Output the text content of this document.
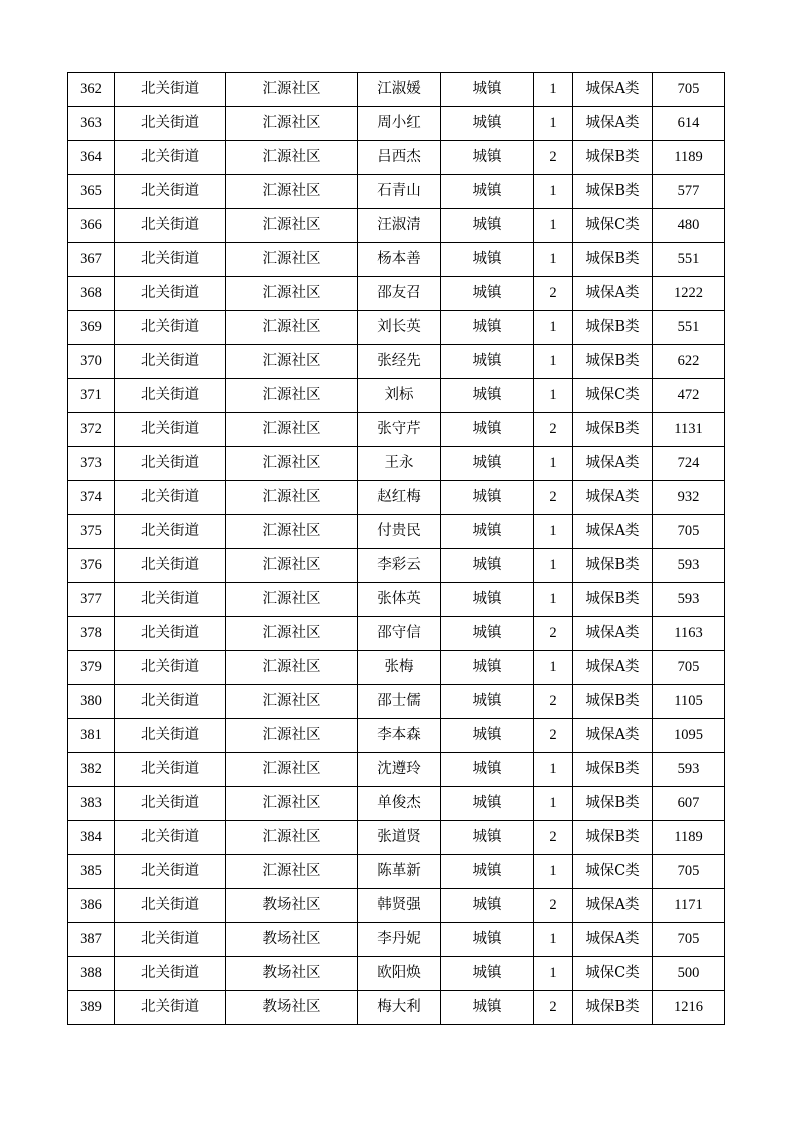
362	北关街道	汇源社区	江淑媛	城镇	1	城保A类	705
363	北关街道	汇源社区	周小红	城镇	1	城保A类	614
364	北关街道	汇源社区	吕西杰	城镇	2	城保B类	1189
365	北关街道	汇源社区	石青山	城镇	1	城保B类	577
366	北关街道	汇源社区	汪淑清	城镇	1	城保C类	480
367	北关街道	汇源社区	杨本善	城镇	1	城保B类	551
368	北关街道	汇源社区	邵友召	城镇	2	城保A类	1222
369	北关街道	汇源社区	刘长英	城镇	1	城保B类	551
370	北关街道	汇源社区	张经先	城镇	1	城保B类	622
371	北关街道	汇源社区	刘标	城镇	1	城保C类	472
372	北关街道	汇源社区	张守芹	城镇	2	城保B类	1131
373	北关街道	汇源社区	王永	城镇	1	城保A类	724
374	北关街道	汇源社区	赵红梅	城镇	2	城保A类	932
375	北关街道	汇源社区	付贵民	城镇	1	城保A类	705
376	北关街道	汇源社区	李彩云	城镇	1	城保B类	593
377	北关街道	汇源社区	张体英	城镇	1	城保B类	593
378	北关街道	汇源社区	邵守信	城镇	2	城保A类	1163
379	北关街道	汇源社区	张梅	城镇	1	城保A类	705
380	北关街道	汇源社区	邵士儒	城镇	2	城保B类	1105
381	北关街道	汇源社区	李本森	城镇	2	城保A类	1095
382	北关街道	汇源社区	沈遵玲	城镇	1	城保B类	593
383	北关街道	汇源社区	单俊杰	城镇	1	城保B类	607
384	北关街道	汇源社区	张道贤	城镇	2	城保B类	1189
385	北关街道	汇源社区	陈革新	城镇	1	城保C类	705
386	北关街道	教场社区	韩贤强	城镇	2	城保A类	1171
387	北关街道	教场社区	李丹妮	城镇	1	城保A类	705
388	北关街道	教场社区	欧阳焕	城镇	1	城保C类	500
389	北关街道	教场社区	梅大利	城镇	2	城保B类	1216
